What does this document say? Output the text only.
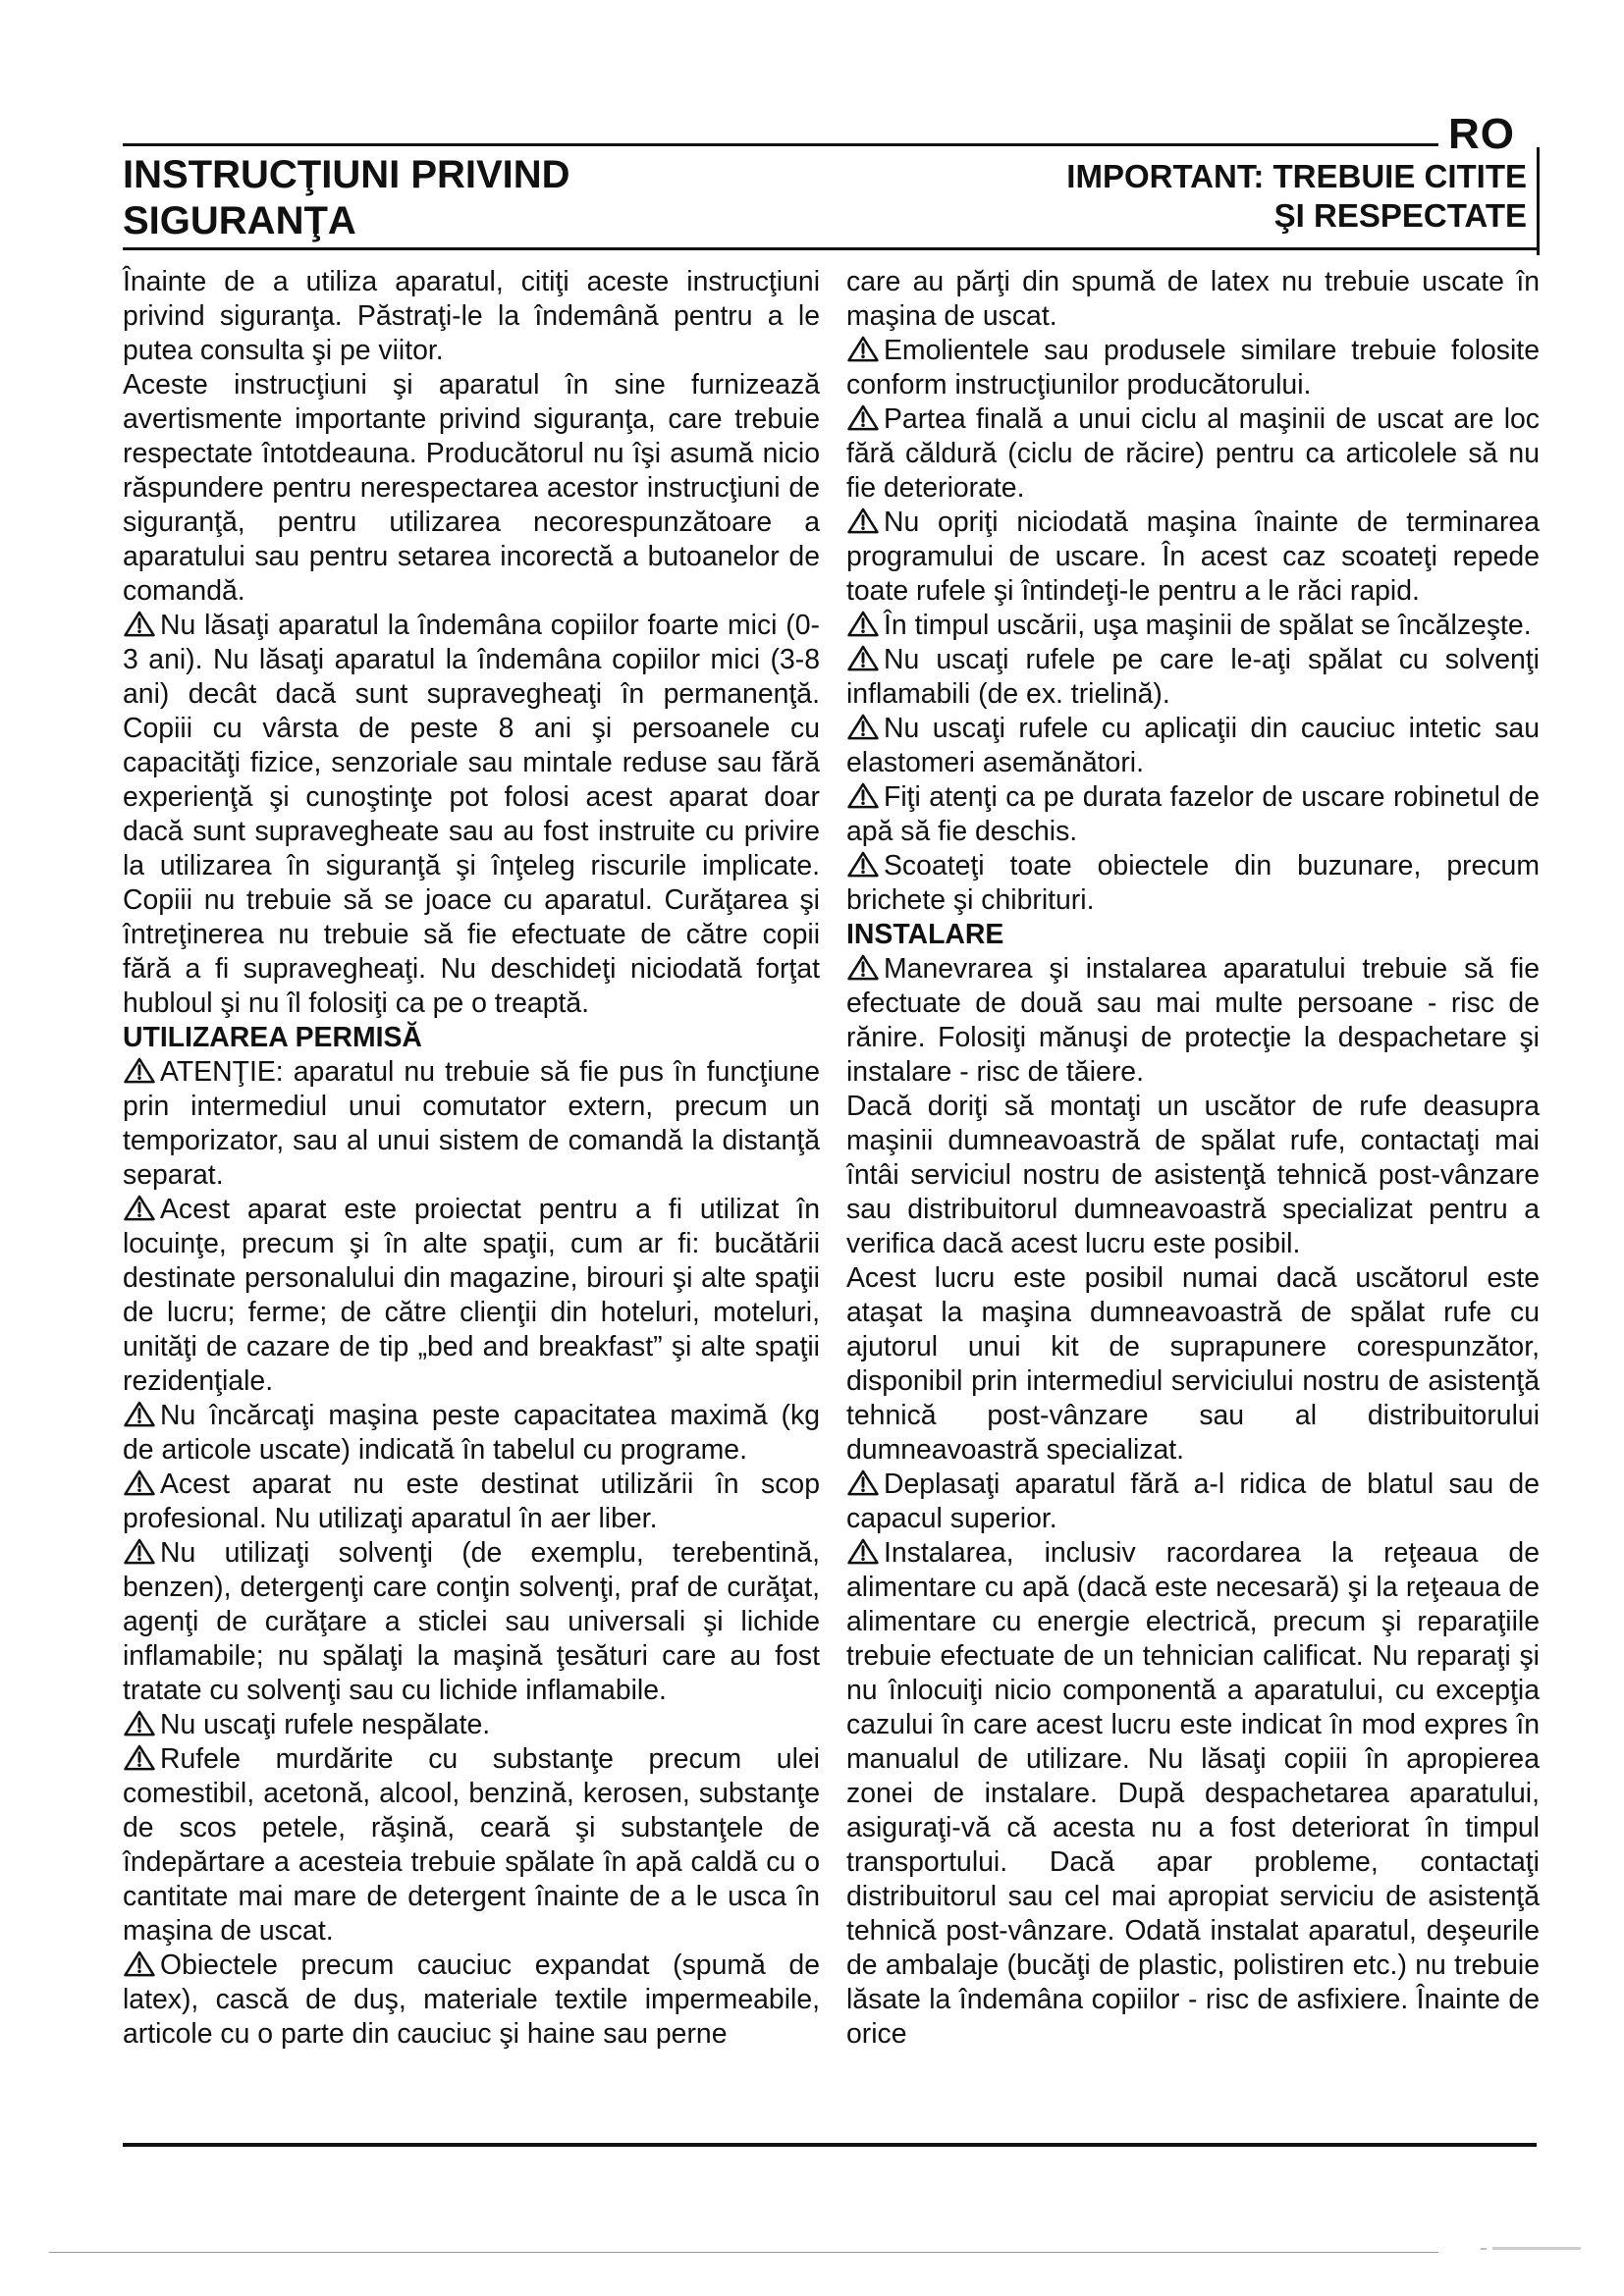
RO
INSTRUCŢIUNI PRIVIND
SIGURANŢA
IMPORTANT: TREBUIE CITITE
ŞI RESPECTATE

Înainte de a utiliza aparatul, citiţi aceste instrucţiuni privind siguranţa. Păstraţi-le la îndemână pentru a le putea consulta şi pe viitor.

Aceste instrucţiuni şi aparatul în sine furnizează avertismente importante privind siguranţa, care trebuie respectate întotdeauna. Producătorul nu îşi asumă nicio răspundere pentru nerespectarea acestor instrucţiuni de siguranţă, pentru utilizarea necorespunzătoare a aparatului sau pentru setarea incorectă a butoanelor de comandă.

Nu lăsaţi aparatul la îndemâna copiilor foarte mici (0-3 ani). Nu lăsaţi aparatul la îndemâna copiilor mici (3-8 ani) decât dacă sunt supravegheaţi în permanenţă. Copiii cu vârsta de peste 8 ani şi persoanele cu capacităţi fizice, senzoriale sau mintale reduse sau fără experienţă şi cunoştinţe pot folosi acest aparat doar dacă sunt supravegheate sau au fost instruite cu privire la utilizarea în siguranţă şi înţeleg riscurile implicate. Copiii nu trebuie să se joace cu aparatul. Curăţarea şi întreţinerea nu trebuie să fie efectuate de către copii fără a fi supravegheaţi. Nu deschideţi niciodată forţat hubloul şi nu îl folosiţi ca pe o treaptă.

UTILIZAREA PERMISĂ

ATENŢIE: aparatul nu trebuie să fie pus în funcţiune prin intermediul unui comutator extern, precum un temporizator, sau al unui sistem de comandă la distanţă separat.

Acest aparat este proiectat pentru a fi utilizat în locuinţe, precum şi în alte spaţii, cum ar fi: bucătării destinate personalului din magazine, birouri şi alte spaţii de lucru; ferme; de către clienţii din hoteluri, moteluri, unităţi de cazare de tip „bed and breakfast” şi alte spaţii rezidenţiale.

Nu încărcaţi maşina peste capacitatea maximă (kg de articole uscate) indicată în tabelul cu programe.

Acest aparat nu este destinat utilizării în scop profesional. Nu utilizaţi aparatul în aer liber.

Nu utilizaţi solvenţi (de exemplu, terebentină, benzen), detergenţi care conţin solvenţi, praf de curăţat, agenţi de curăţare a sticlei sau universali şi lichide inflamabile; nu spălaţi la maşină ţesături care au fost tratate cu solvenţi sau cu lichide inflamabile.

Nu uscaţi rufele nespălate.

Rufele murdărite cu substanţe precum ulei comestibil, acetonă, alcool, benzină, kerosen, substanţe de scos petele, răşină, ceară şi substanţele de îndepărtare a acesteia trebuie spălate în apă caldă cu o cantitate mai mare de detergent înainte de a le usca în maşina de uscat.

Obiectele precum cauciuc expandat (spumă de latex), cască de duş, materiale textile impermeabile, articole cu o parte din cauciuc şi haine sau perne

care au părţi din spumă de latex nu trebuie uscate în maşina de uscat.

Emolientele sau produsele similare trebuie folosite conform instrucţiunilor producătorului.

Partea finală a unui ciclu al maşinii de uscat are loc fără căldură (ciclu de răcire) pentru ca articolele să nu fie deteriorate.

Nu opriţi niciodată maşina înainte de terminarea programului de uscare. În acest caz scoateţi repede toate rufele şi întindeţi-le pentru a le răci rapid.

În timpul uscării, uşa maşinii de spălat se încălzeşte.

Nu uscaţi rufele pe care le-aţi spălat cu solvenţi inflamabili (de ex. trielină).

Nu uscaţi rufele cu aplicaţii din cauciuc intetic sau elastomeri asemănători.

Fiţi atenţi ca pe durata fazelor de uscare robinetul de apă să fie deschis.

Scoateţi toate obiectele din buzunare, precum brichete şi chibrituri.

INSTALARE

Manevrarea şi instalarea aparatului trebuie să fie efectuate de două sau mai multe persoane - risc de rănire. Folosiţi mănuşi de protecţie la despachetare şi instalare - risc de tăiere.

Dacă doriţi să montaţi un uscător de rufe deasupra maşinii dumneavoastră de spălat rufe, contactaţi mai întâi serviciul nostru de asistenţă tehnică post-vânzare sau distribuitorul dumneavoastră specializat pentru a verifica dacă acest lucru este posibil.

Acest lucru este posibil numai dacă uscătorul este ataşat la maşina dumneavoastră de spălat rufe cu ajutorul unui kit de suprapunere corespunzător, disponibil prin intermediul serviciului nostru de asistenţă tehnică post-vânzare sau al distribuitorului dumneavoastră specializat.

Deplasaţi aparatul fără a-l ridica de blatul sau de capacul superior.

Instalarea, inclusiv racordarea la reţeaua de alimentare cu apă (dacă este necesară) şi la reţeaua de alimentare cu energie electrică, precum şi reparaţiile trebuie efectuate de un tehnician calificat. Nu reparaţi şi nu înlocuiţi nicio componentă a aparatului, cu excepţia cazului în care acest lucru este indicat în mod expres în manualul de utilizare. Nu lăsaţi copiii în apropierea zonei de instalare. După despachetarea aparatului, asiguraţi-vă că acesta nu a fost deteriorat în timpul transportului. Dacă apar probleme, contactaţi distribuitorul sau cel mai apropiat serviciu de asistenţă tehnică post-vânzare. Odată instalat aparatul, deşeurile de ambalaje (bucăţi de plastic, polistiren etc.) nu trebuie lăsate la îndemâna copiilor - risc de asfixiere. Înainte de orice
